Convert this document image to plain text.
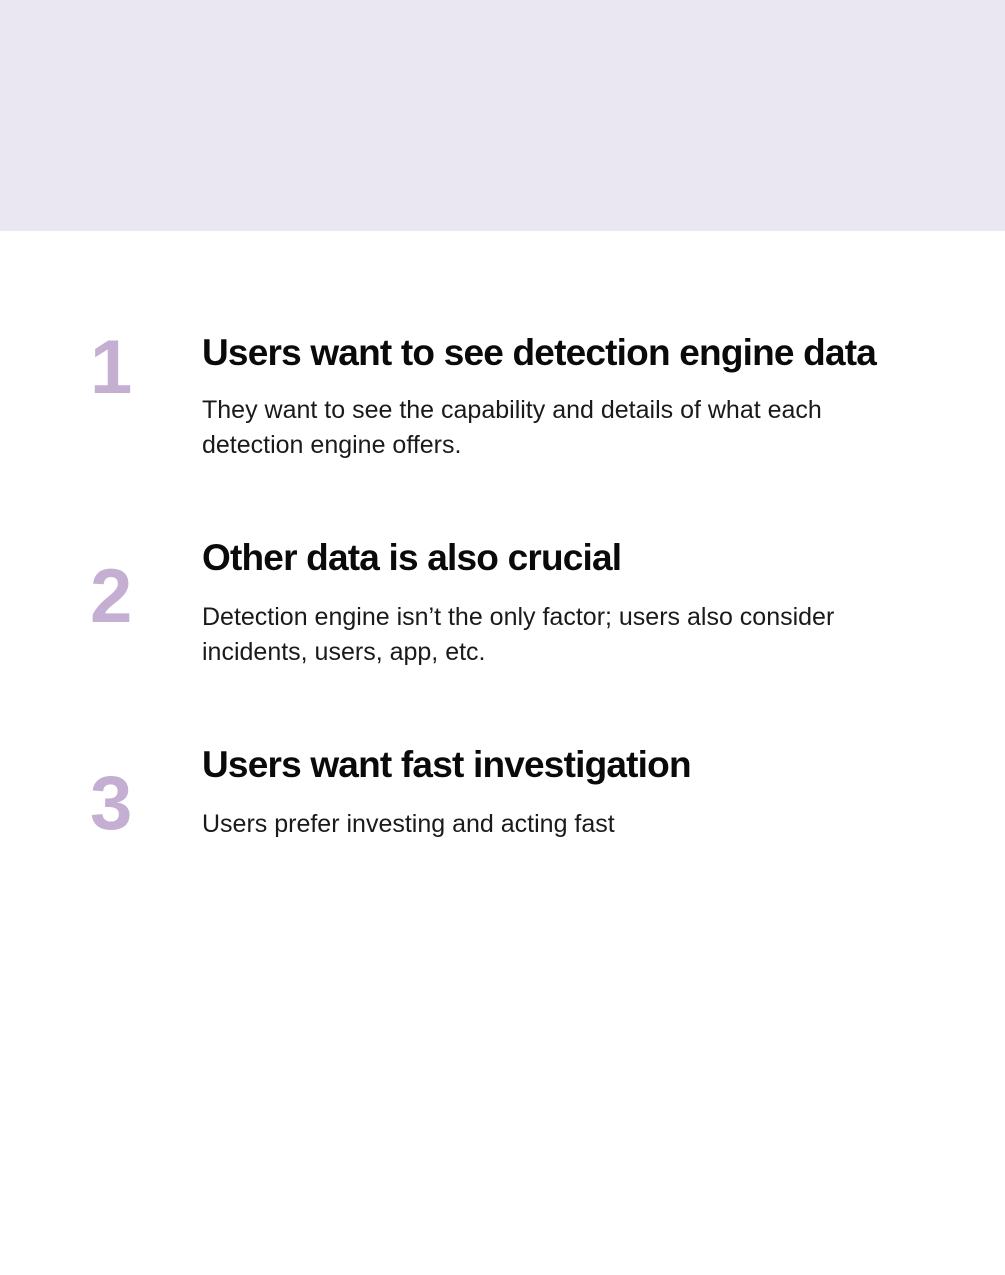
1	Users want to see detection engine data

They want to see the capability and details of what each detection engine offers.

2	Other data is also crucial

Detection engine isn’t the only factor; users also consider incidents, users, app, etc.

3	Users want fast investigation

Users prefer investing and acting fast
